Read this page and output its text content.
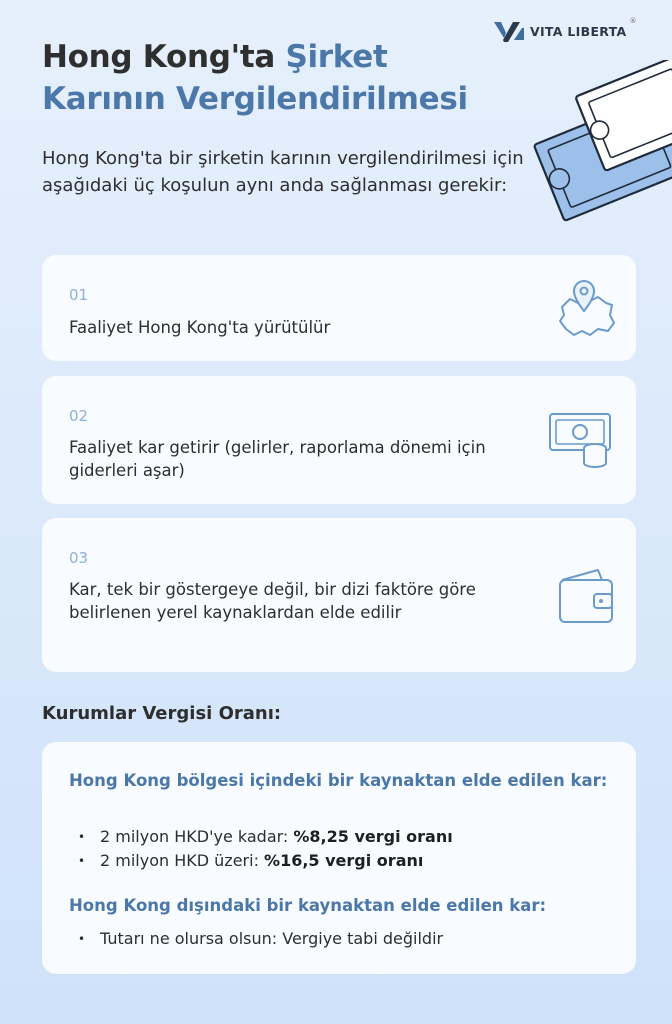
VITA LIBERTA
®
Hong Kong'ta Şirket
Karının Vergilendirilmesi

Hong Kong'ta bir şirketin karının vergilendirilmesi için aşağıdaki üç koşulun aynı anda sağlanması gerekir:

01
Faaliyet Hong Kong'ta yürütülür
02
Faaliyet kar getirir (gelirler, raporlama dönemi için giderleri aşar)
03
Kar, tek bir göstergeye değil, bir dizi faktöre göre belirlenen yerel kaynaklardan elde edilir
Kurumlar Vergisi Oranı:
Hong Kong bölgesi içindeki bir kaynaktan elde edilen kar:
• 2 milyon HKD'ye kadar: %8,25 vergi oranı
• 2 milyon HKD üzeri: %16,5 vergi oranı
Hong Kong dışındaki bir kaynaktan elde edilen kar:
• Tutarı ne olursa olsun: Vergiye tabi değildir
